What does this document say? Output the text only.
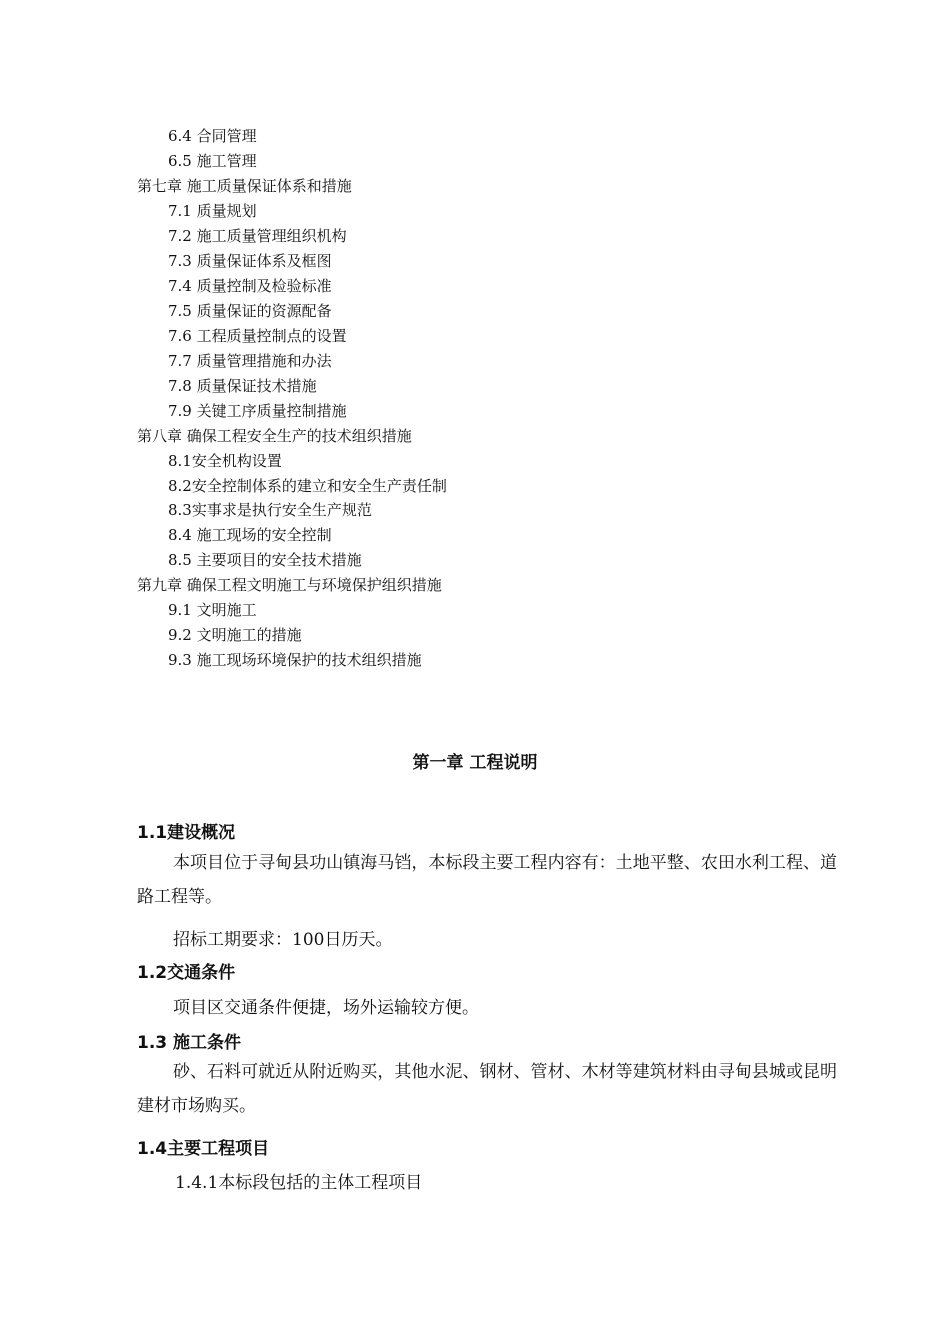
6.4 合同管理
6.5 施工管理
第七章 施工质量保证体系和措施
7.1 质量规划
7.2 施工质量管理组织机构
7.3 质量保证体系及框图
7.4 质量控制及检验标准
7.5 质量保证的资源配备
7.6 工程质量控制点的设置
7.7 质量管理措施和办法
7.8 质量保证技术措施
7.9 关键工序质量控制措施
第八章 确保工程安全生产的技术组织措施
8.1安全机构设置
8.2安全控制体系的建立和安全生产责任制
8.3实事求是执行安全生产规范
8.4 施工现场的安全控制
8.5 主要项目的安全技术措施
第九章 确保工程文明施工与环境保护组织措施
9.1 文明施工
9.2 文明施工的措施
9.3 施工现场环境保护的技术组织措施
第一章 工程说明
1.1建设概况
本项目位于寻甸县功山镇海马铛，本标段主要工程内容有：土地平整、农田水利工程、道路工程等。
招标工期要求：100日历天。
1.2交通条件
项目区交通条件便捷，场外运输较方便。
1.3 施工条件
砂、石料可就近从附近购买，其他水泥、钢材、管材、木材等建筑材料由寻甸县城或昆明建材市场购买。
1.4主要工程项目
1.4.1本标段包括的主体工程项目
